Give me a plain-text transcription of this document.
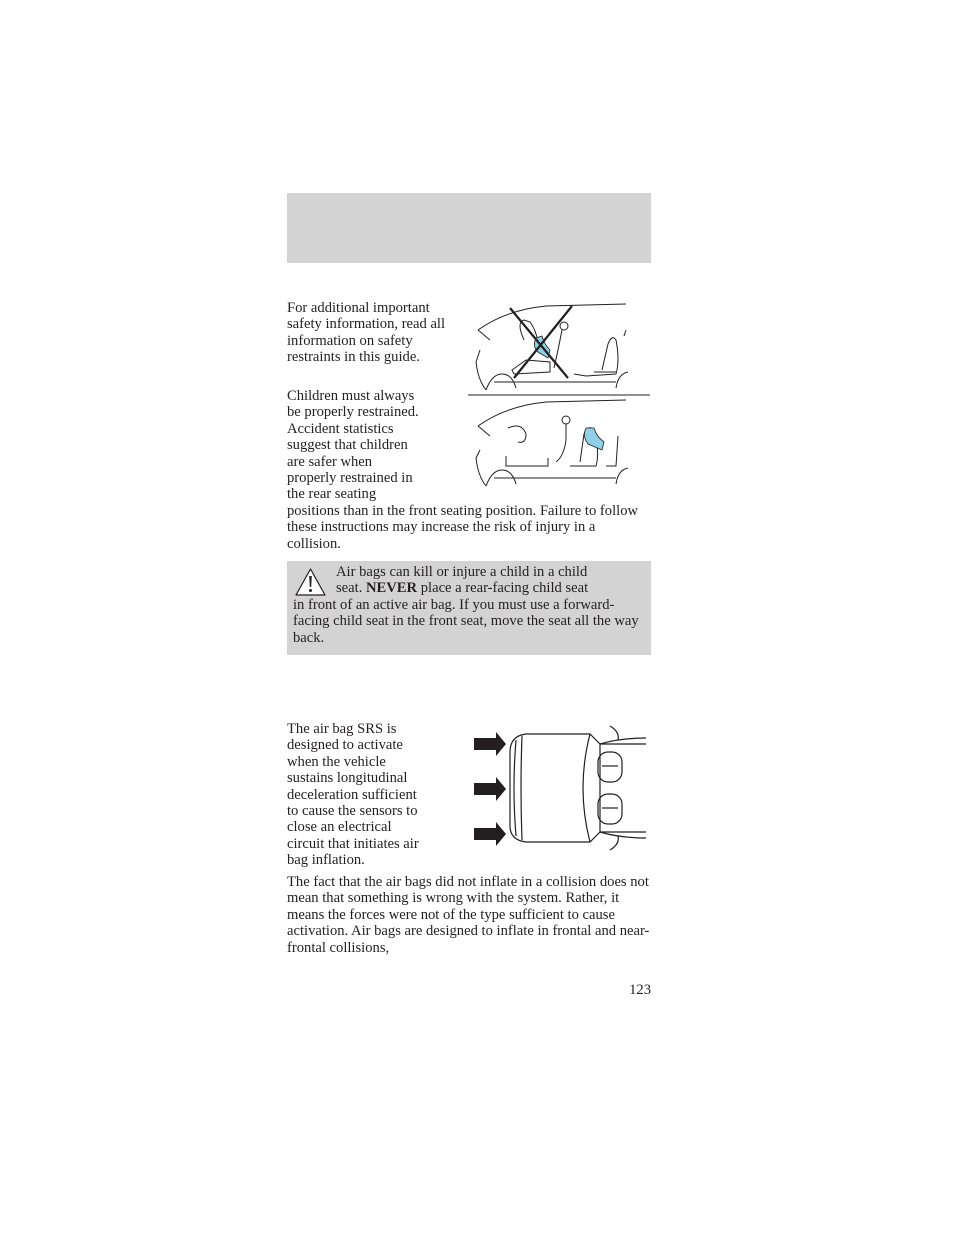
For additional important safety information, read all information on safety restraints in this guide.

Children must always
be properly restrained.
Accident statistics
suggest that children
are safer when
properly restrained in
the rear seating

positions than in the front seating position. Failure to follow these instructions may increase the risk of injury in a collision.

Air bags can kill or injure a child in a child
seat. NEVER place a rear-facing child seat
in front of an active air bag. If you must use a forward-facing child seat in the front seat, move the seat all the way back.
The air bag SRS is
designed to activate
when the vehicle
sustains longitudinal
deceleration sufficient
to cause the sensors to
close an electrical
circuit that initiates air
bag inflation.

The fact that the air bags did not inflate in a collision does not mean that something is wrong with the system. Rather, it means the forces were not of the type sufficient to cause activation. Air bags are designed to inflate in frontal and near-frontal collisions,

123
